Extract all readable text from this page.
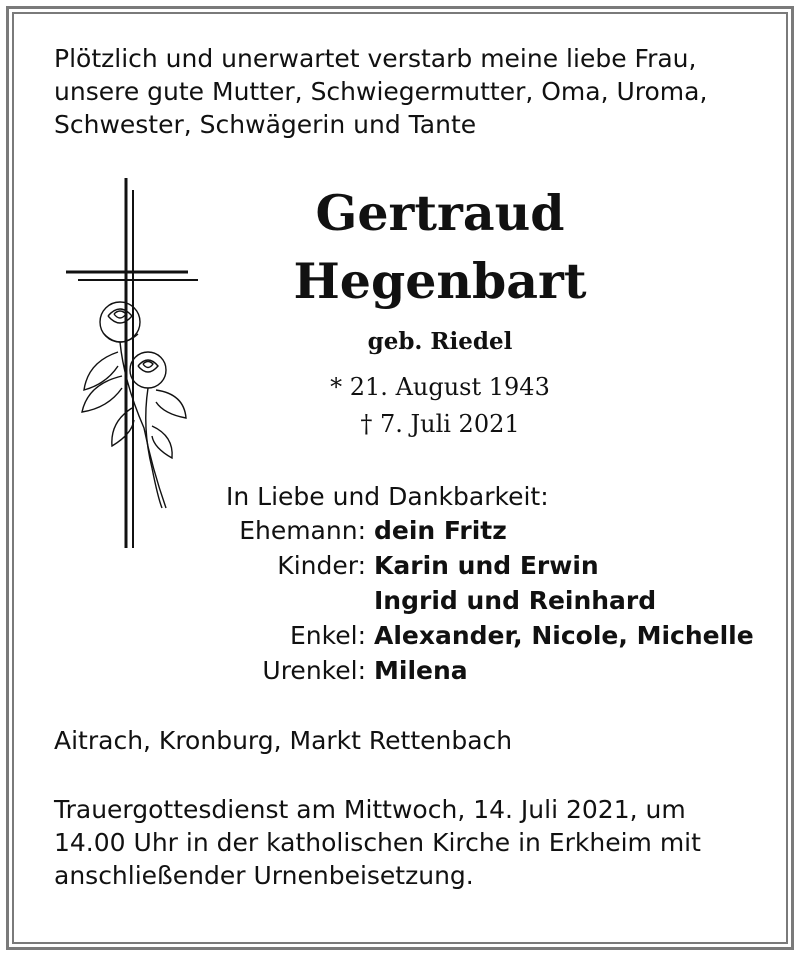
Plötzlich und unerwartet verstarb meine liebe Frau, unsere gute Mutter, Schwiegermutter, Oma, Uroma, Schwester, Schwägerin und Tante
Gertraud
Hegenbart
geb. Riedel
* 21. August 1943
† 7. Juli 2021
In Liebe und Dankbarkeit:
Ehemann: dein Fritz
Kinder: Karin und Erwin
Ingrid und Reinhard
Enkel: Alexander, Nicole, Michelle
Urenkel: Milena
Aitrach, Kronburg, Markt Rettenbach
Trauergottesdienst am Mittwoch, 14. Juli 2021, um 14.00 Uhr in der katholischen Kirche in Erkheim mit anschließender Urnenbeisetzung.
